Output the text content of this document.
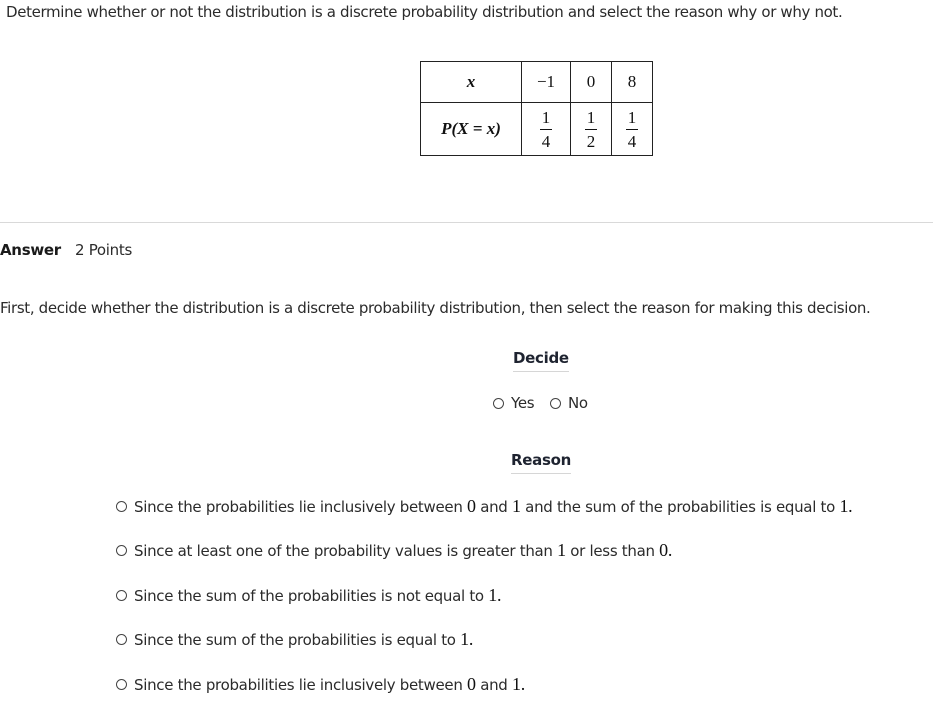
Determine whether or not the distribution is a discrete probability distribution and select the reason why or why not.
x	−1	0	8
P(X = x)	$\frac{1}{4}$	$\frac{1}{2}$	$\frac{1}{4}$
Answer 2 Points
First, decide whether the distribution is a discrete probability distribution, then select the reason for making this decision.
Decide
Yes No
Reason
Since the probabilities lie inclusively between 0 and 1 and the sum of the probabilities is equal to 1.
Since at least one of the probability values is greater than 1 or less than 0.
Since the sum of the probabilities is not equal to 1.
Since the sum of the probabilities is equal to 1.
Since the probabilities lie inclusively between 0 and 1.
